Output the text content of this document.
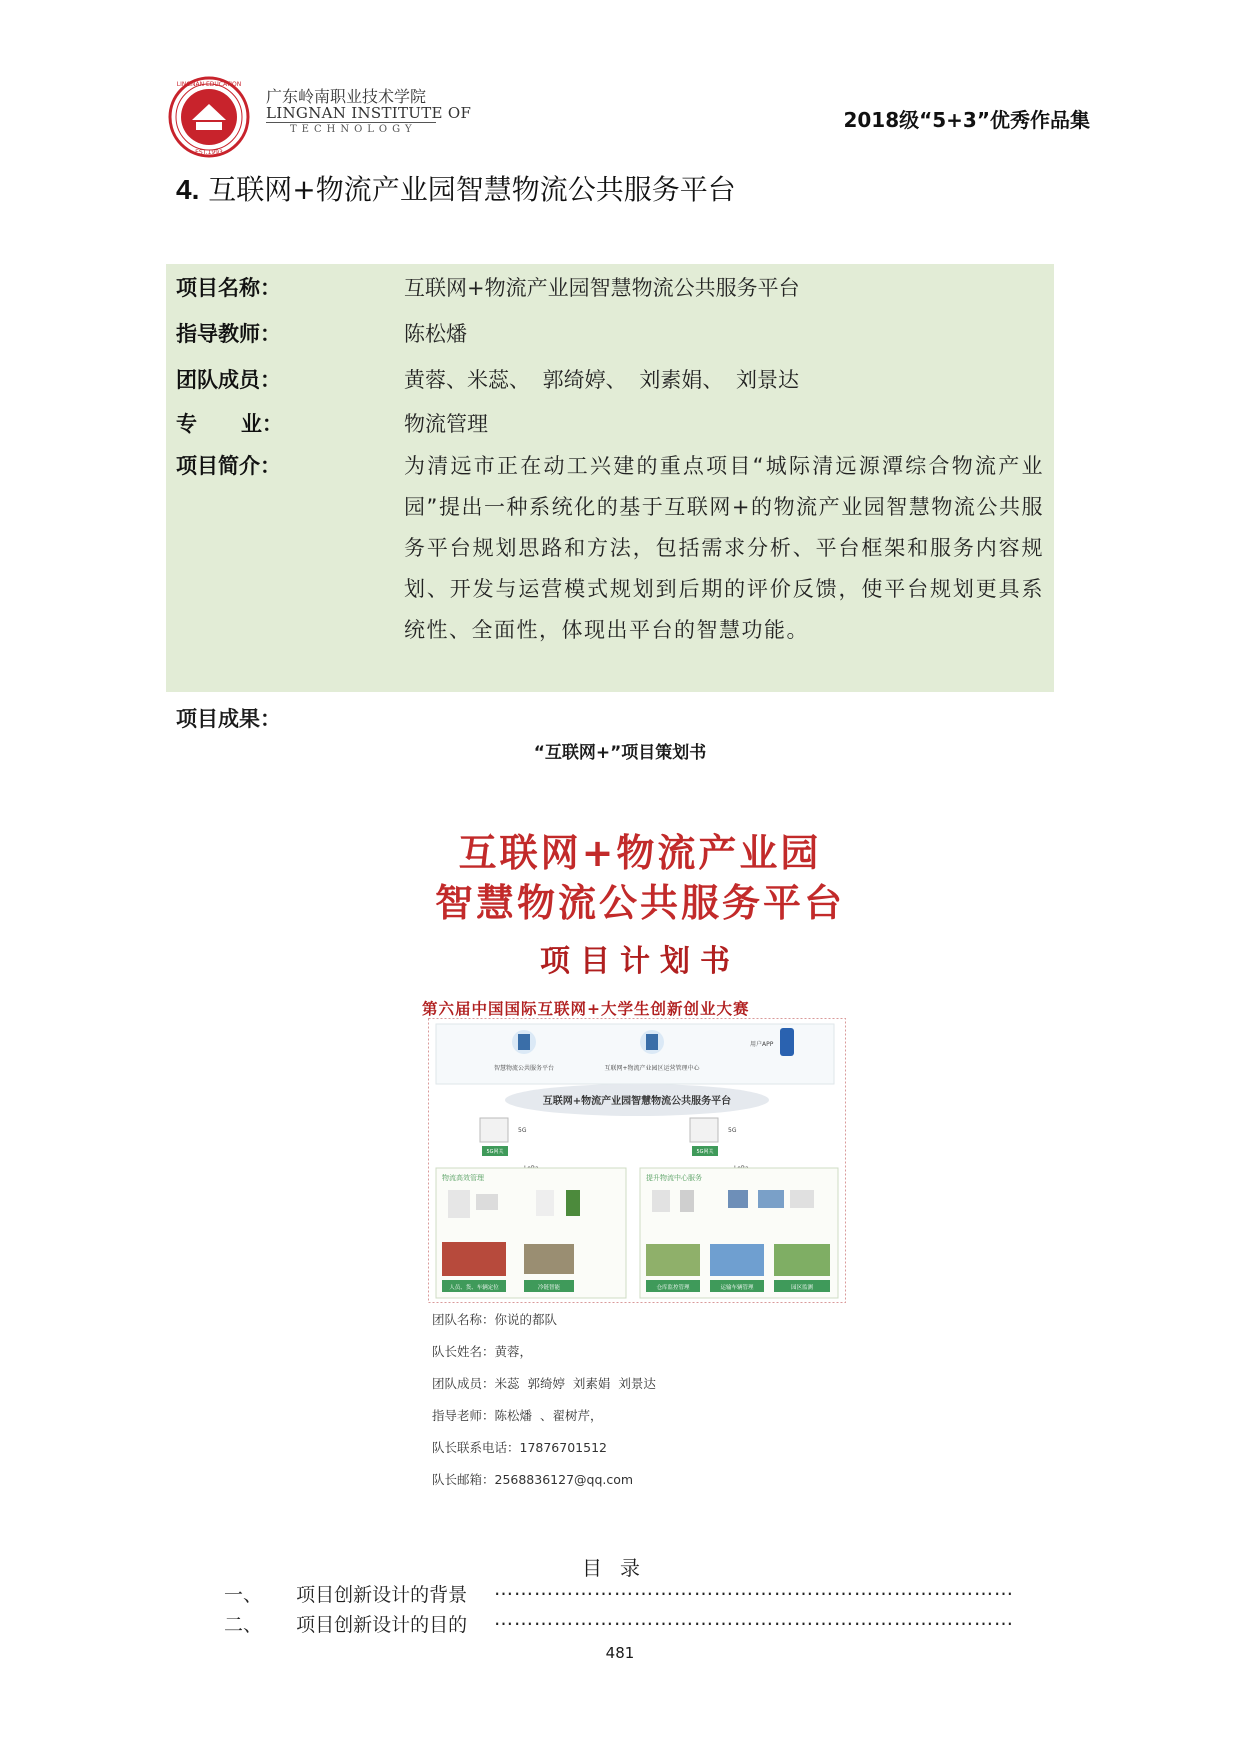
LINGNAN EDUCATION
EST.1993
广东岭南职业技术学院
LINGNAN INSTITUTE OF
TECHNOLOGY	2018级“5+3”优秀作品集
4. 互联网+物流产业园智慧物流公共服务平台
项目名称：	互联网+物流产业园智慧物流公共服务平台
指导教师：	陈松燔
团队成员：	黄蓉、米蕊、 郭绮婷、 刘素娟、 刘景达
专      业：	物流管理
项目简介：	为清远市正在动工兴建的重点项目“城际清远源潭综合物流产业园”提出一种系统化的基于互联网+的物流产业园智慧物流公共服务平台规划思路和方法，包括需求分析、平台框架和服务内容规划、开发与运营模式规划到后期的评价反馈，使平台规划更具系统性、全面性，体现出平台的智慧功能。
项目成果：
“互联网+”项目策划书
互联网+物流产业园
智慧物流公共服务平台
项目计划书
第六届中国国际互联网+大学生创新创业大赛
智慧物流公共服务平台	互联网+物流产业园区运营管理中心
用户APP
互联网+物流产业园智慧物流公共服务平台
5G	5G
5G网关	5G网关
物流高效管理	提升物流中心服务
人员、货、车辆定位	冷链智能	仓库监控管理	运输车辆管理	园区监测
团队名称：你说的都队
队长姓名：黄蓉，
团队成员：米蕊  郭绮婷  刘素娟  刘景达
指导老师：陈松燔  、翟树芹，
队长联系电话：17876701512
队长邮箱：2568836127@qq.com
目录
一、 项目创新设计的背景 ……………………………………………………………………
二、 项目创新设计的目的 ……………………………………………………………………
481
